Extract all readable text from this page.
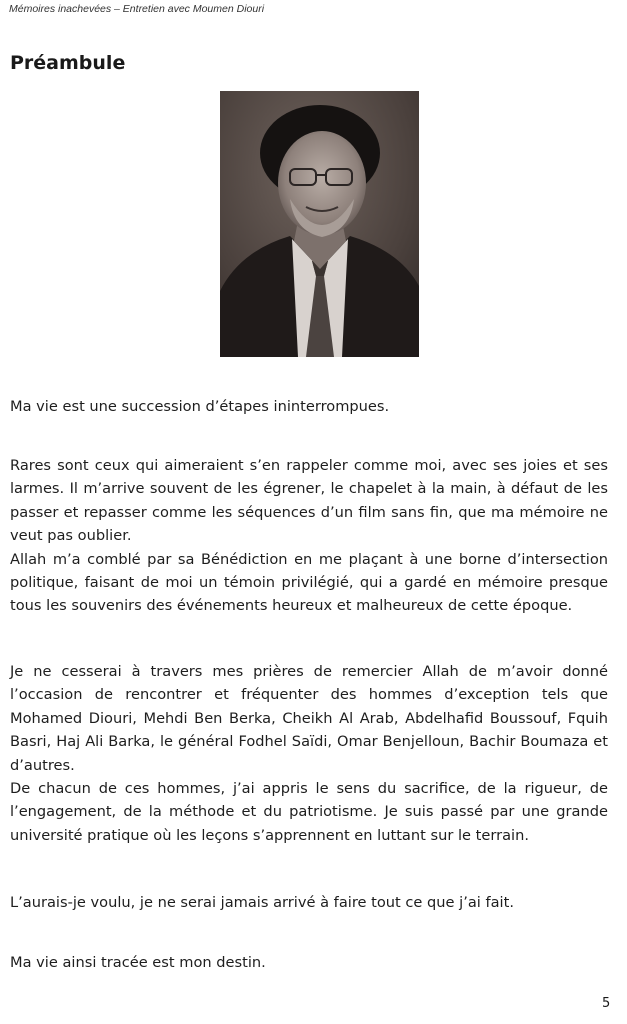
Mémoires inachevées – Entretien avec Moumen Diouri
Préambule

Ma vie est une succession d’étapes ininterrompues.

Rares sont ceux qui aimeraient s’en rappeler comme moi, avec ses joies et ses larmes. Il m’arrive souvent de les égrener, le chapelet à la main, à défaut de les passer et repasser comme les séquences d’un film sans fin, que ma mémoire ne veut pas oublier.

Allah m’a comblé par sa Bénédiction en me plaçant à une borne d’intersection politique, faisant de moi un témoin privilégié, qui a gardé en mémoire presque tous les souvenirs des événements heureux et malheureux de cette époque.

Je ne cesserai à travers mes prières de remercier Allah de m’avoir donné l’occasion de rencontrer et fréquenter des hommes d’exception tels que Mohamed Diouri, Mehdi Ben Berka, Cheikh Al Arab, Abdelhafid Boussouf, Fquih Basri, Haj Ali Barka, le général Fodhel Saïdi, Omar Benjelloun, Bachir Boumaza et d’autres.

De chacun de ces hommes, j’ai appris le sens du sacrifice, de la rigueur, de l’engagement, de la méthode et du patriotisme. Je suis passé par une grande université pratique où les leçons s’apprennent en luttant sur le terrain.

L’aurais-je voulu, je ne serai jamais arrivé à faire tout ce que j’ai fait.

Ma vie ainsi tracée est mon destin.

5
